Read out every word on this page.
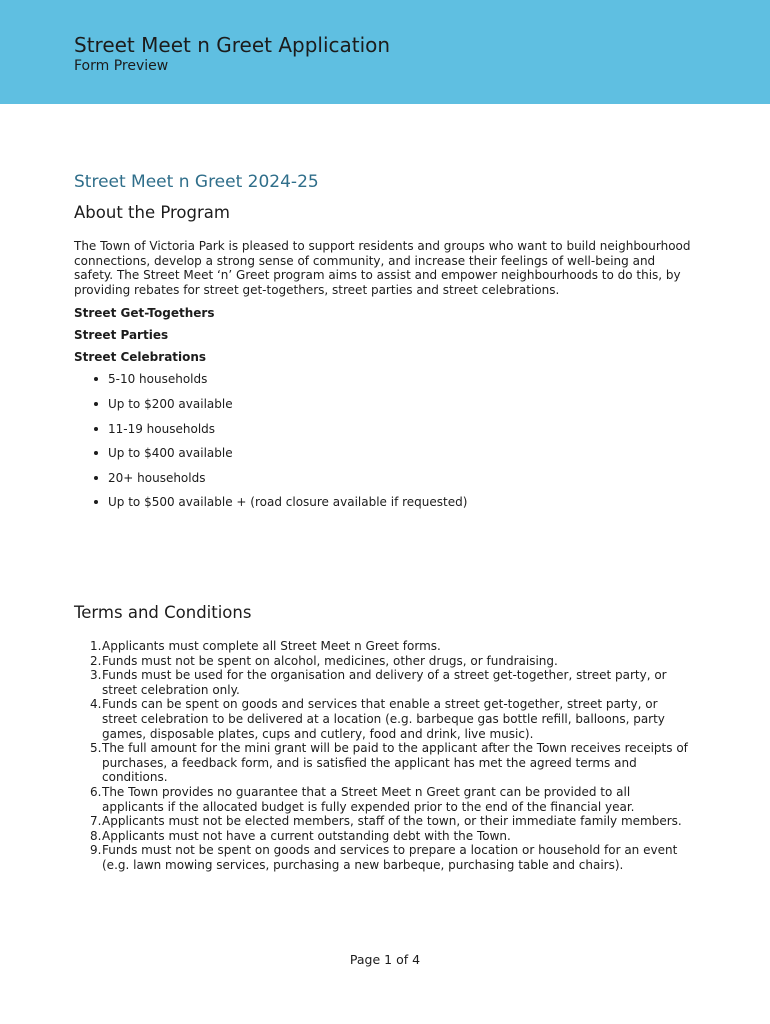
Street Meet n Greet Application
Form Preview
Street Meet n Greet 2024-25
About the Program

The Town of Victoria Park is pleased to support residents and groups who want to build neighbourhood connections, develop a strong sense of community, and increase their feelings of well-being and safety. The Street Meet ‘n’ Greet program aims to assist and empower neighbourhoods to do this, by providing rebates for street get-togethers, street parties and street celebrations.

Street Get-Togethers

Street Parties

Street Celebrations

5-10 households
Up to $200 available
11-19 households
Up to $400 available
20+ households
Up to $500 available + (road closure available if requested)
Terms and Conditions
1. Applicants must complete all Street Meet n Greet forms.
2. Funds must not be spent on alcohol, medicines, other drugs, or fundraising.
3. Funds must be used for the organisation and delivery of a street get-together, street party, or street celebration only.
4. Funds can be spent on goods and services that enable a street get-together, street party, or street celebration to be delivered at a location (e.g. barbeque gas bottle refill, balloons, party games, disposable plates, cups and cutlery, food and drink, live music).
5. The full amount for the mini grant will be paid to the applicant after the Town receives receipts of purchases, a feedback form, and is satisfied the applicant has met the agreed terms and conditions.
6. The Town provides no guarantee that a Street Meet n Greet grant can be provided to all applicants if the allocated budget is fully expended prior to the end of the financial year.
7. Applicants must not be elected members, staff of the town, or their immediate family members.
8. Applicants must not have a current outstanding debt with the Town.
9. Funds must not be spent on goods and services to prepare a location or household for an event (e.g. lawn mowing services, purchasing a new barbeque, purchasing table and chairs).
Page 1 of 4
